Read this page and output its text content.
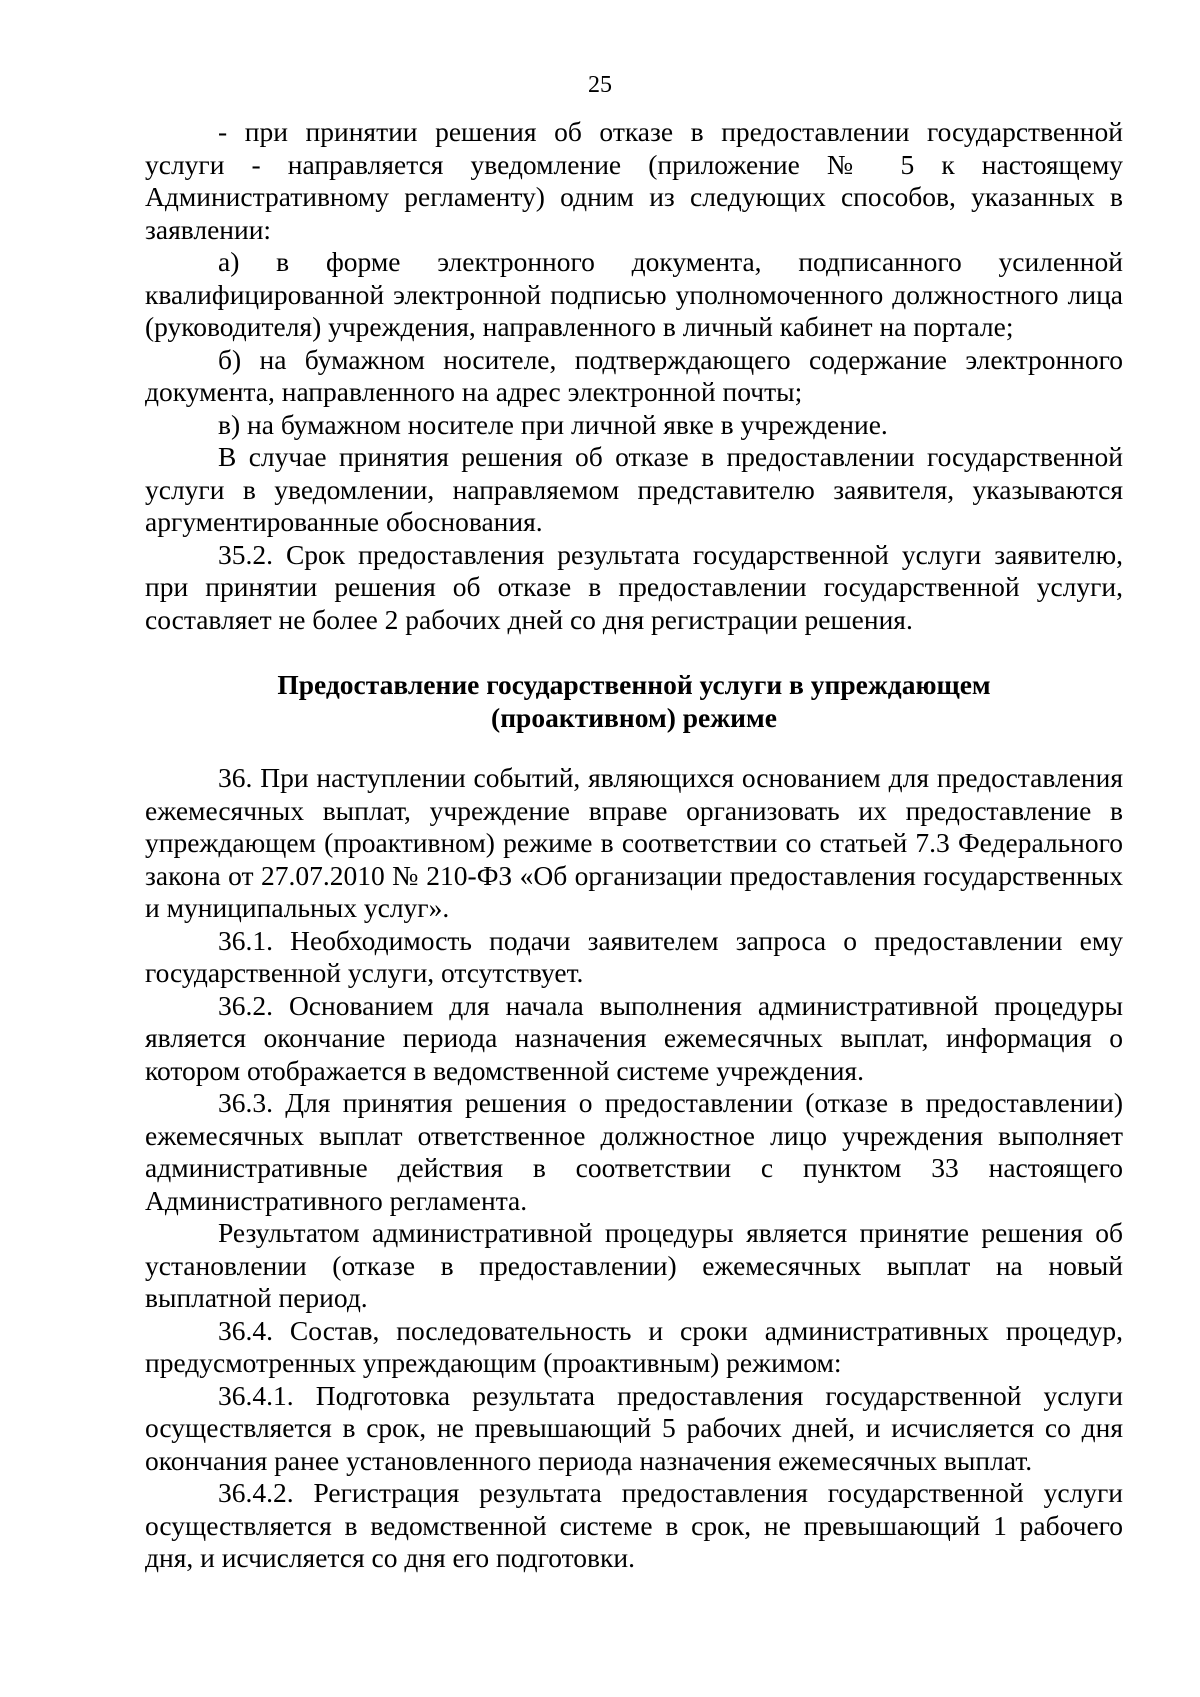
25

- при принятии решения об отказе в предоставлении государственной услуги - направляется уведомление (приложение № 5 к настоящему Административному регламенту) одним из следующих способов, указанных в заявлении:

а) в форме электронного документа, подписанного усиленной квалифицированной электронной подписью уполномоченного должностного лица (руководителя) учреждения, направленного в личный кабинет на портале;

б) на бумажном носителе, подтверждающего содержание электронного документа, направленного на адрес электронной почты;

в) на бумажном носителе при личной явке в учреждение.

В случае принятия решения об отказе в предоставлении государственной услуги в уведомлении, направляемом представителю заявителя, указываются аргументированные обоснования.

35.2. Срок предоставления результата государственной услуги заявителю, при принятии решения об отказе в предоставлении государственной услуги, составляет не более 2 рабочих дней со дня регистрации решения.

Предоставление государственной услуги в упреждающем
(проактивном) режиме

36. При наступлении событий, являющихся основанием для предоставления ежемесячных выплат, учреждение вправе организовать их предоставление в упреждающем (проактивном) режиме в соответствии со статьей 7.3 Федерального закона от 27.07.2010 № 210-ФЗ «Об организации предоставления государственных и муниципальных услуг».

36.1. Необходимость подачи заявителем запроса о предоставлении ему государственной услуги, отсутствует.

36.2. Основанием для начала выполнения административной процедуры является окончание периода назначения ежемесячных выплат, информация о котором отображается в ведомственной системе учреждения.

36.3. Для принятия решения о предоставлении (отказе в предоставлении) ежемесячных выплат ответственное должностное лицо учреждения выполняет административные действия в соответствии с пунктом 33 настоящего Административного регламента.

Результатом административной процедуры является принятие решения об установлении (отказе в предоставлении) ежемесячных выплат на новый выплатной период.

36.4. Состав, последовательность и сроки административных процедур, предусмотренных упреждающим (проактивным) режимом:

36.4.1. Подготовка результата предоставления государственной услуги осуществляется в срок, не превышающий 5 рабочих дней, и исчисляется со дня окончания ранее установленного периода назначения ежемесячных выплат.

36.4.2. Регистрация результата предоставления государственной услуги осуществляется в ведомственной системе в срок, не превышающий 1 рабочего дня, и исчисляется со дня его подготовки.
